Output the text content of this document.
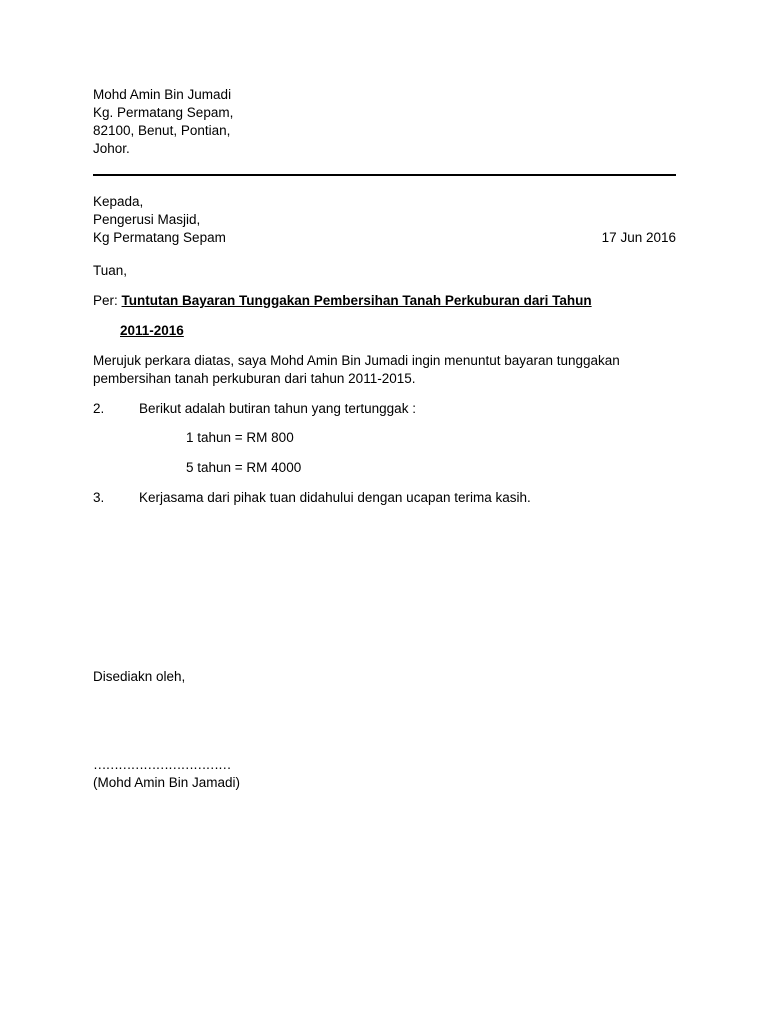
Mohd Amin Bin Jumadi
Kg. Permatang Sepam,
82100, Benut, Pontian,
Johor.
Kepada,
Pengerusi Masjid,
Kg Permatang Sepam	17 Jun 2016
Tuan,
Per: Tuntutan Bayaran Tunggakan Pembersihan Tanah Perkuburan dari Tahun
2011-2016
Merujuk perkara diatas, saya Mohd Amin Bin Jumadi ingin menuntut bayaran tunggakan
pembersihan tanah perkuburan dari tahun 2011-2015.
2.	Berikut adalah butiran tahun yang tertunggak :
1 tahun = RM 800
5 tahun = RM 4000
3.	Kerjasama dari pihak tuan didahului dengan ucapan terima kasih.
Disediakn oleh,
……………………………
(Mohd Amin Bin Jamadi)
